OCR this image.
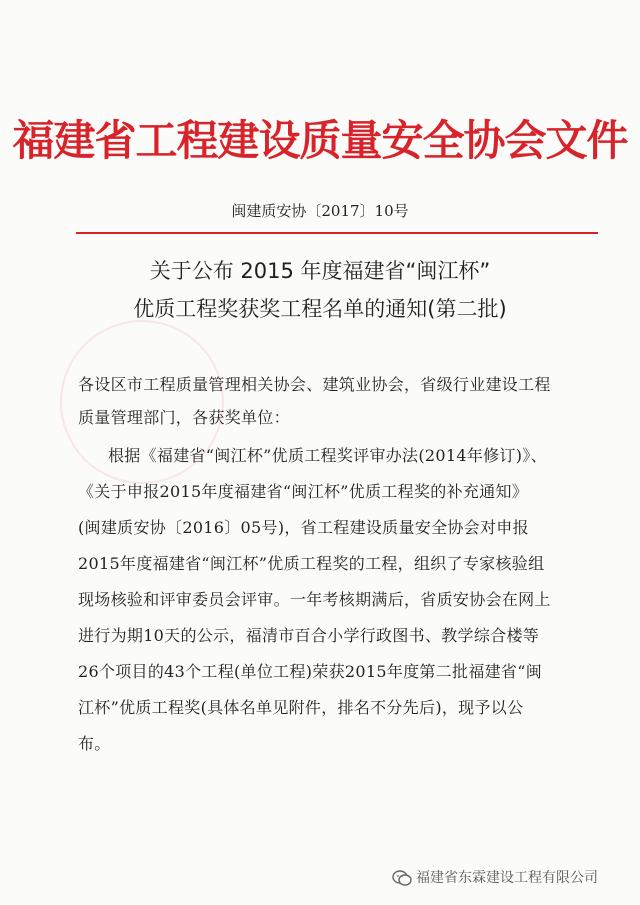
福建省工程建设质量安全协会文件
闽建质安协〔2017〕10号
关于公布 2015 年度福建省“闽江杯”
优质工程奖获奖工程名单的通知(第二批)
各设区市工程质量管理相关协会、建筑业协会，省级行业建设工程
质量管理部门，各获奖单位：
根据《福建省“闽江杯”优质工程奖评审办法(2014年修订)》、
《关于申报2015年度福建省“闽江杯”优质工程奖的补充通知》
(闽建质安协〔2016〕05号)，省工程建设质量安全协会对申报
2015年度福建省“闽江杯”优质工程奖的工程，组织了专家核验组
现场核验和评审委员会评审。一年考核期满后，省质安协会在网上
进行为期10天的公示，福清市百合小学行政图书、教学综合楼等
26个项目的43个工程(单位工程)荣获2015年度第二批福建省“闽
江杯”优质工程奖(具体名单见附件，排名不分先后)，现予以公
布。
福建省东霖建设工程有限公司
